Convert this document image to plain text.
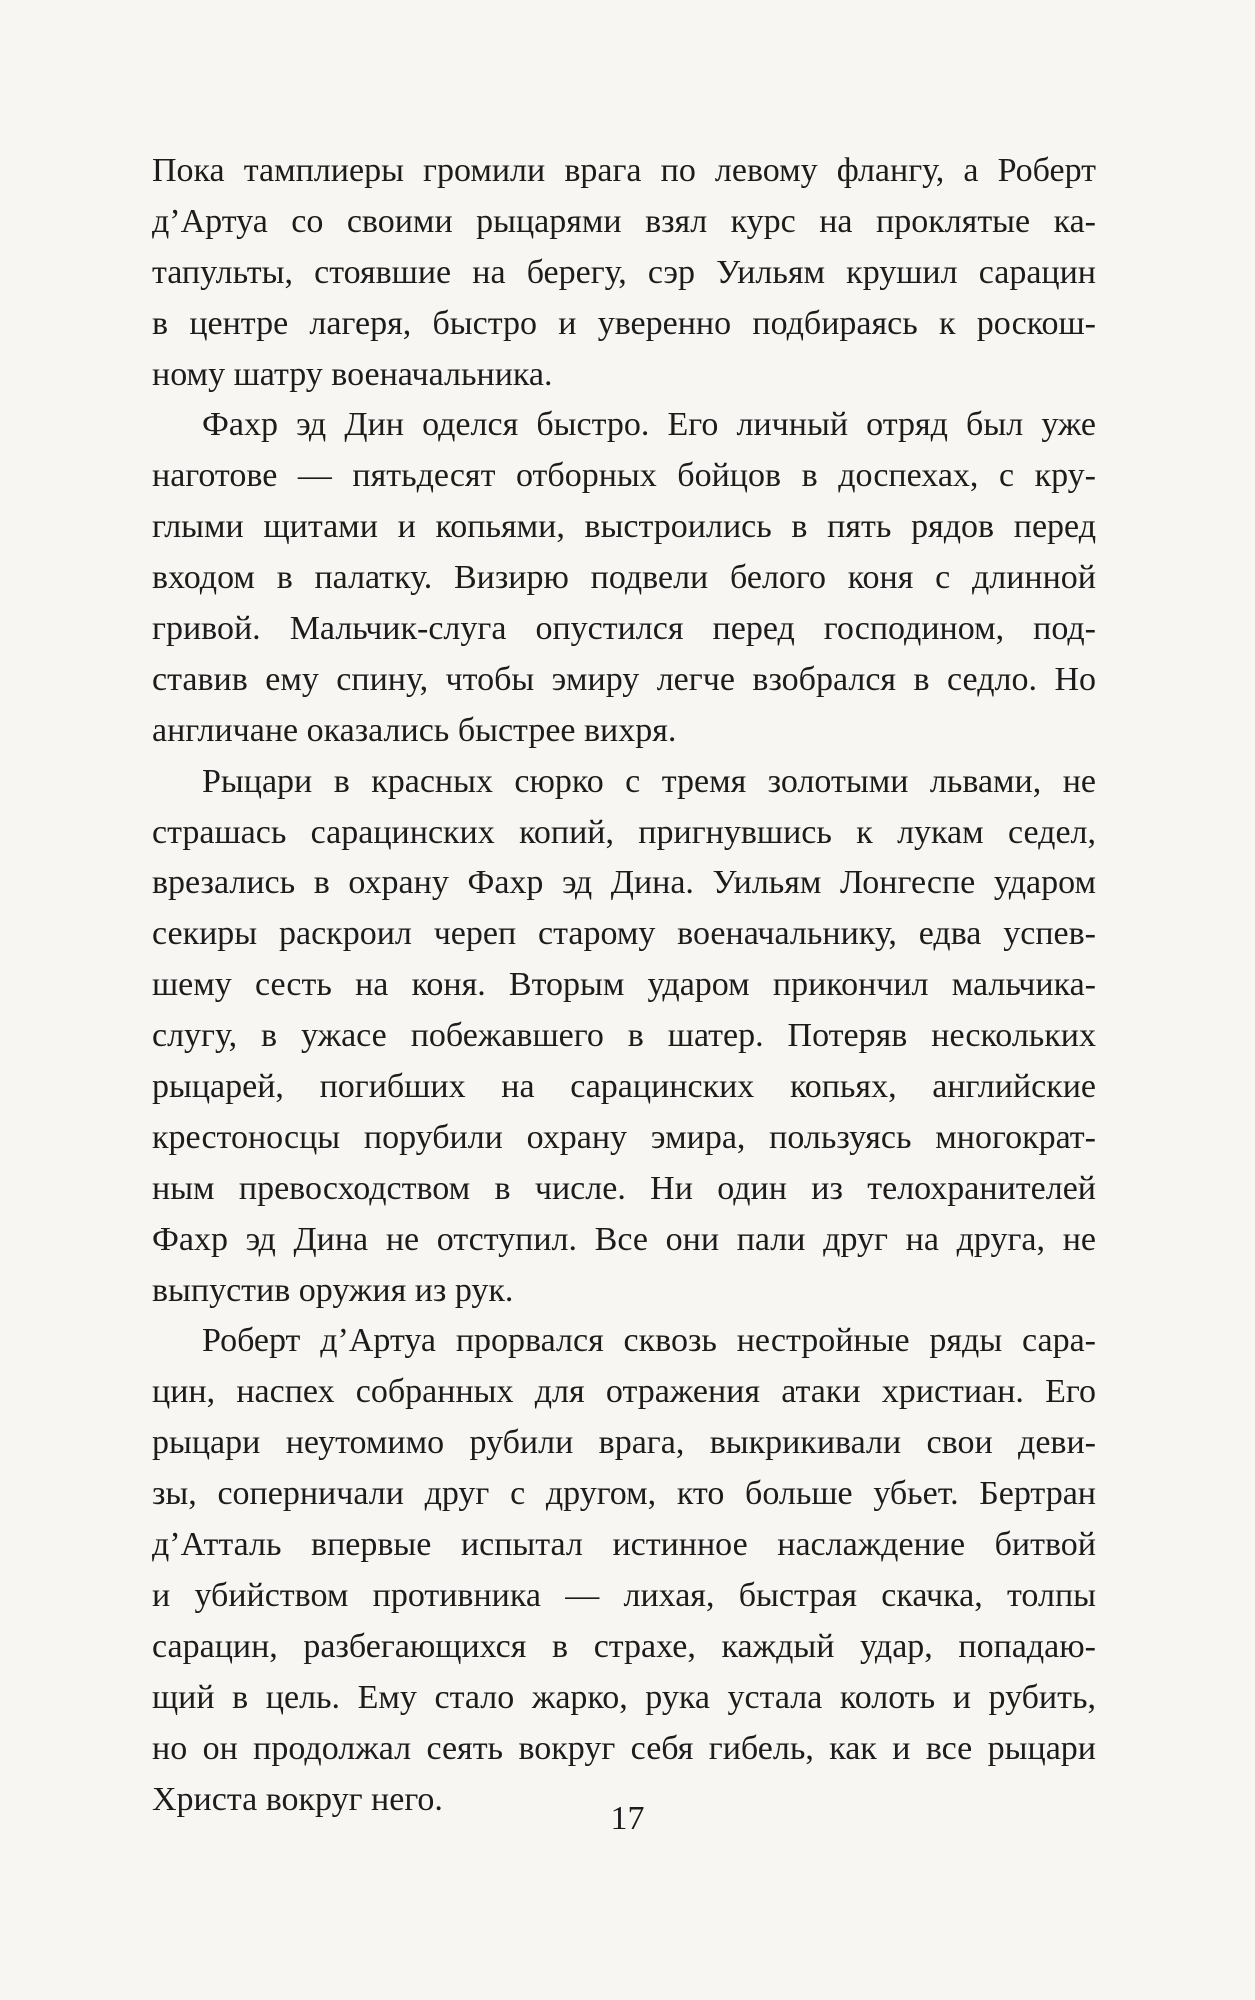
Пока тамплиеры громили врага по левому флангу, а Роберт
д’Артуа со своими рыцарями взял курс на проклятые ка-
тапульты, стоявшие на берегу, сэр Уильям крушил сарацин
в центре лагеря, быстро и уверенно подбираясь к роскош-
ному шатру военачальника.
Фахр эд Дин оделся быстро. Его личный отряд был уже
наготове — пятьдесят отборных бойцов в доспехах, с кру-
глыми щитами и копьями, выстроились в пять рядов перед
входом в палатку. Визирю подвели белого коня с длинной
гривой. Мальчик-слуга опустился перед господином, под-
ставив ему спину, чтобы эмиру легче взобрался в седло. Но
англичане оказались быстрее вихря.
Рыцари в красных сюрко с тремя золотыми львами, не
страшась сарацинских копий, пригнувшись к лукам седел,
врезались в охрану Фахр эд Дина. Уильям Лонгеспе ударом
секиры раскроил череп старому военачальнику, едва успев-
шему сесть на коня. Вторым ударом прикончил мальчика-
слугу, в ужасе побежавшего в шатер. Потеряв нескольких
рыцарей, погибших на сарацинских копьях, английские
крестоносцы порубили охрану эмира, пользуясь многократ-
ным превосходством в числе. Ни один из телохранителей
Фахр эд Дина не отступил. Все они пали друг на друга, не
выпустив оружия из рук.
Роберт д’Артуа прорвался сквозь нестройные ряды сара-
цин, наспех собранных для отражения атаки христиан. Его
рыцари неутомимо рубили врага, выкрикивали свои деви-
зы, соперничали друг с другом, кто больше убьет. Бертран
д’Атталь впервые испытал истинное наслаждение битвой
и убийством противника — лихая, быстрая скачка, толпы
сарацин, разбегающихся в страхе, каждый удар, попадаю-
щий в цель. Ему стало жарко, рука устала колоть и рубить,
но он продолжал сеять вокруг себя гибель, как и все рыцари
Христа вокруг него.
17
